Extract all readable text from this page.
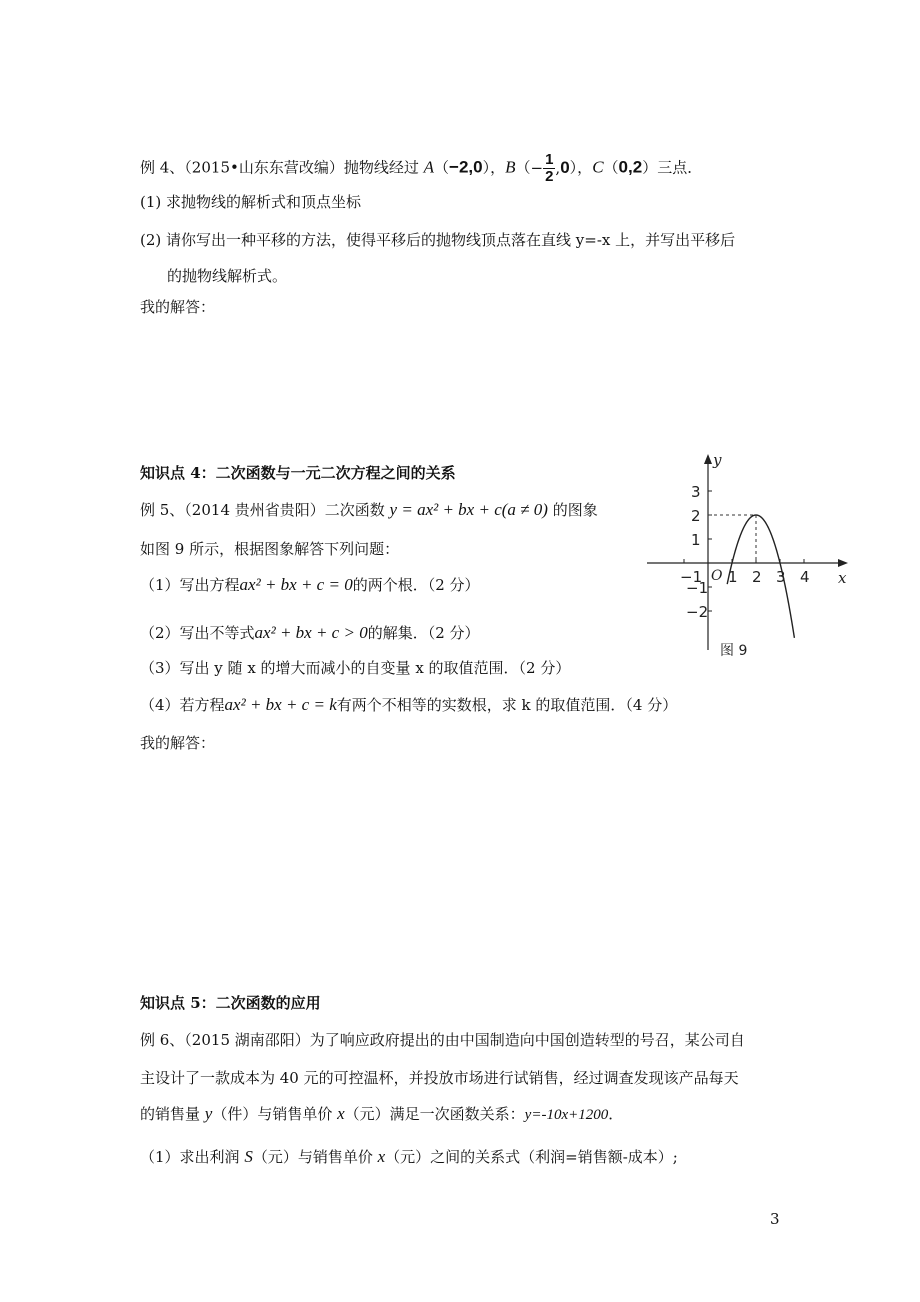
例 4、（2015•山东东营改编）抛物线经过 A（−2,0），$B(- \frac{1}{2} ,0)$，C（0,2）三点．
(1) 求抛物线的解析式和顶点坐标
(2) 请你写出一种平移的方法，使得平移后的抛物线顶点落在直线 y=-x 上，并写出平移后
的抛物线解析式。
我的解答：
知识点 4：二次函数与一元二次方程之间的关系
例 5、（2014 贵州省贵阳）二次函数 y = ax² + bx + c(a ≠ 0) 的图象
如图 9 所示，根据图象解答下列问题：
（1）写出方程ax² + bx + c = 0的两个根．（2 分）
（2）写出不等式ax² + bx + c > 0的解集．（2 分）
（3）写出 y 随 x 的增大而减小的自变量 x 的取值范围．（2 分）
（4）若方程ax² + bx + c = k有两个不相等的实数根，求 k 的取值范围．（4 分）
我的解答：
−1 1 2 3 4
3
2
1
−1
−2
x
y
O
图 9
知识点 5：二次函数的应用
例 6、（2015 湖南邵阳）为了响应政府提出的由中国制造向中国创造转型的号召，某公司自
主设计了一款成本为 40 元的可控温杯，并投放市场进行试销售，经过调查发现该产品每天
的销售量 y（件）与销售单价 x（元）满足一次函数关系：y=-10x+1200．
（1）求出利润 S（元）与销售单价 x（元）之间的关系式（利润=销售额-成本）;
3
